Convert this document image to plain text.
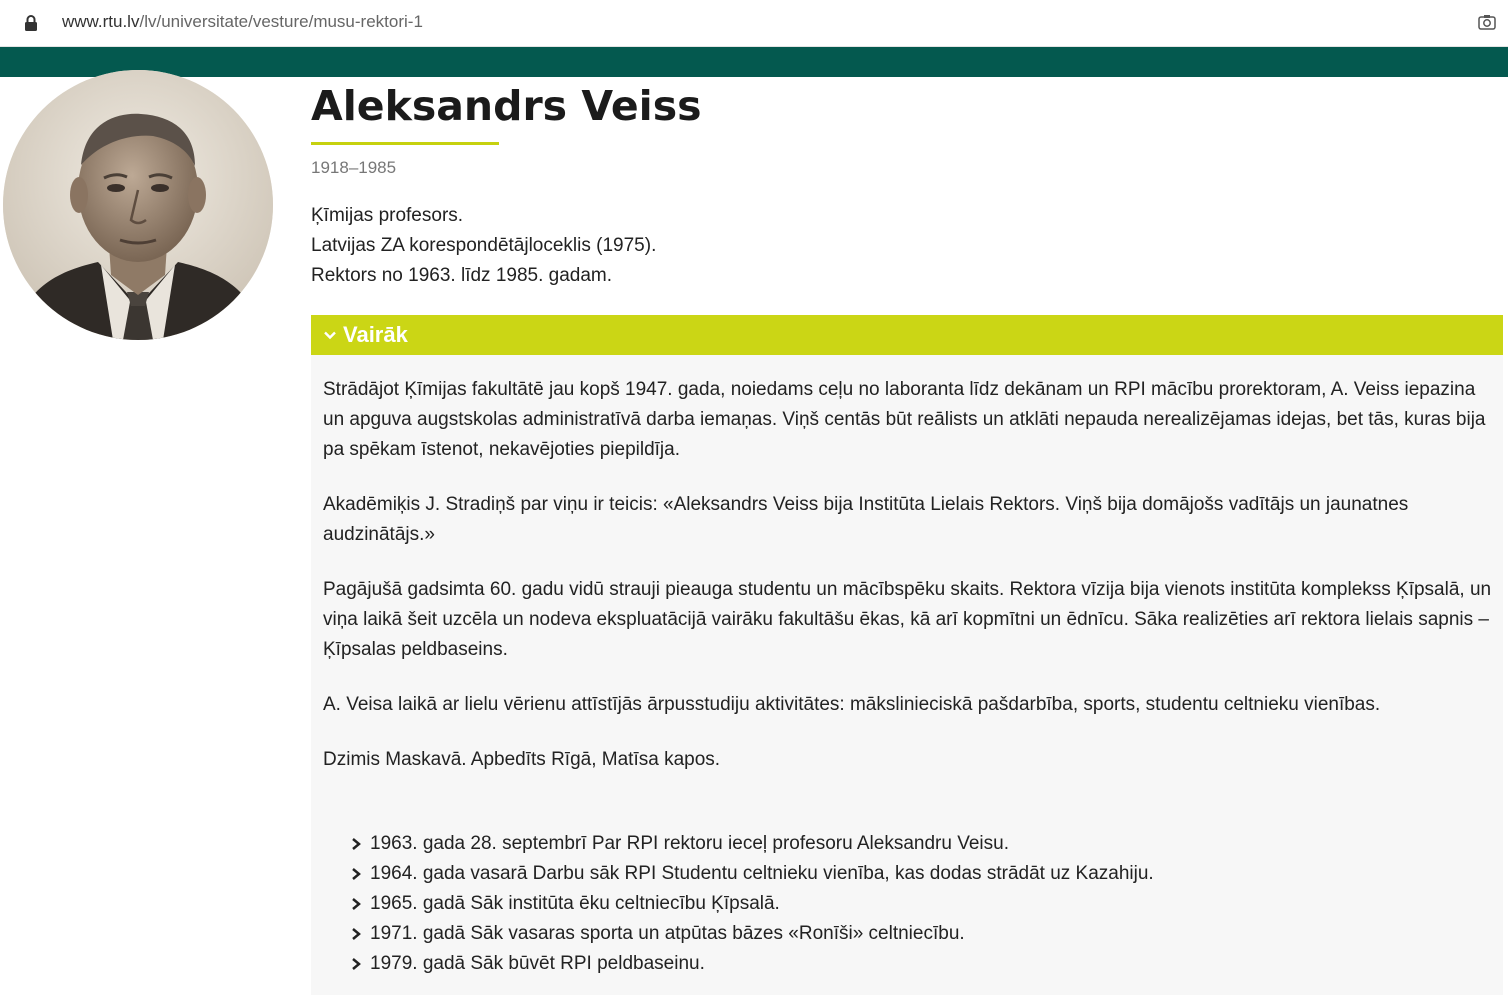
www.rtu.lv/lv/universitate/vesture/musu-rektori-1
Aleksandrs Veiss
1918–1985
Ķīmijas profesors.
Latvijas ZA korespondētājloceklis (1975).
Rektors no 1963. līdz 1985. gadam.
Vairāk

Strādājot Ķīmijas fakultātē jau kopš 1947. gada, noiedams ceļu no laboranta līdz dekānam un RPI mācību prorektoram, A. Veiss iepazina un apguva augstskolas administratīvā darba iemaņas. Viņš centās būt reālists un atklāti nepauda nerealizējamas idejas, bet tās, kuras bija pa spēkam īstenot, nekavējoties piepildīja.

Akadēmiķis J. Stradiņš par viņu ir teicis: «Aleksandrs Veiss bija Institūta Lielais Rektors. Viņš bija domājošs vadītājs un jaunatnes audzinātājs.»

Pagājušā gadsimta 60. gadu vidū strauji pieauga studentu un mācībspēku skaits. Rektora vīzija bija vienots institūta komplekss Ķīpsalā, un viņa laikā šeit uzcēla un nodeva ekspluatācijā vairāku fakultāšu ēkas, kā arī kopmītni un ēdnīcu. Sāka realizēties arī rektora lielais sapnis – Ķīpsalas peldbaseins.

A. Veisa laikā ar lielu vērienu attīstījās ārpusstudiju aktivitātes: mākslinieciskā pašdarbība, sports, studentu celtnieku vienības.

Dzimis Maskavā. Apbedīts Rīgā, Matīsa kapos.

1963. gada 28. septembrī Par RPI rektoru ieceļ profesoru Aleksandru Veisu.
1964. gada vasarā Darbu sāk RPI Studentu celtnieku vienība, kas dodas strādāt uz Kazahiju.
1965. gadā Sāk institūta ēku celtniecību Ķīpsalā.
1971. gadā Sāk vasaras sporta un atpūtas bāzes «Ronīši» celtniecību.
1979. gadā Sāk būvēt RPI peldbaseinu.
